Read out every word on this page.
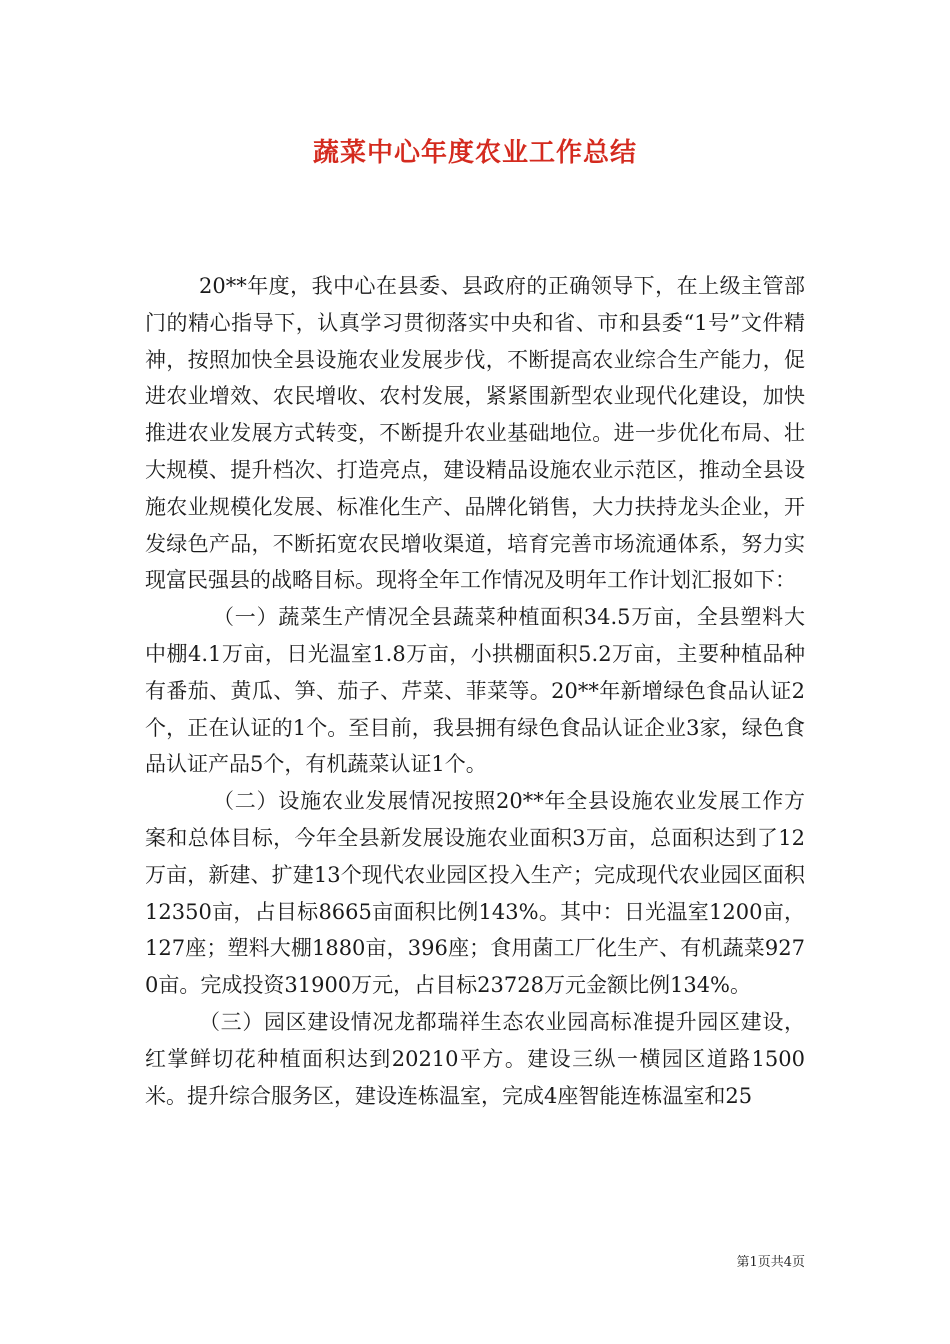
蔬菜中心年度农业工作总结

20**年度，我中心在县委、县政府的正确领导下，在上级主管部门的精心指导下，认真学习贯彻落实中央和省、市和县委“1号”文件精神，按照加快全县设施农业发展步伐，不断提高农业综合生产能力，促进农业增效、农民增收、农村发展，紧紧围新型农业现代化建设，加快推进农业发展方式转变，不断提升农业基础地位。进一步优化布局、壮大规模、提升档次、打造亮点，建设精品设施农业示范区，推动全县设施农业规模化发展、标准化生产、品牌化销售，大力扶持龙头企业，开发绿色产品，不断拓宽农民增收渠道，培育完善市场流通体系，努力实现富民强县的战略目标。现将全年工作情况及明年工作计划汇报如下：

（一）蔬菜生产情况全县蔬菜种植面积34.5万亩，全县塑料大中棚4.1万亩，日光温室1.8万亩，小拱棚面积5.2万亩，主要种植品种有番茄、黄瓜、笋、茄子、芹菜、菲菜等。20**年新增绿色食品认证2个，正在认证的1个。至目前，我县拥有绿色食品认证企业3家，绿色食品认证产品5个，有机蔬菜认证1个。

（二）设施农业发展情况按照20**年全县设施农业发展工作方案和总体目标，今年全县新发展设施农业面积3万亩，总面积达到了12万亩，新建、扩建13个现代农业园区投入生产；完成现代农业园区面积12350亩，占目标8665亩面积比例143%。其中：日光温室1200亩，127座；塑料大棚1880亩，396座；食用菌工厂化生产、有机蔬菜9270亩。完成投资31900万元，占目标23728万元金额比例134%。

（三）园区建设情况龙都瑞祥生态农业园高标准提升园区建设，红掌鲜切花种植面积达到20210平方。建设三纵一横园区道路1500米。提升综合服务区，建设连栋温室，完成4座智能连栋温室和25

第1页共4页
